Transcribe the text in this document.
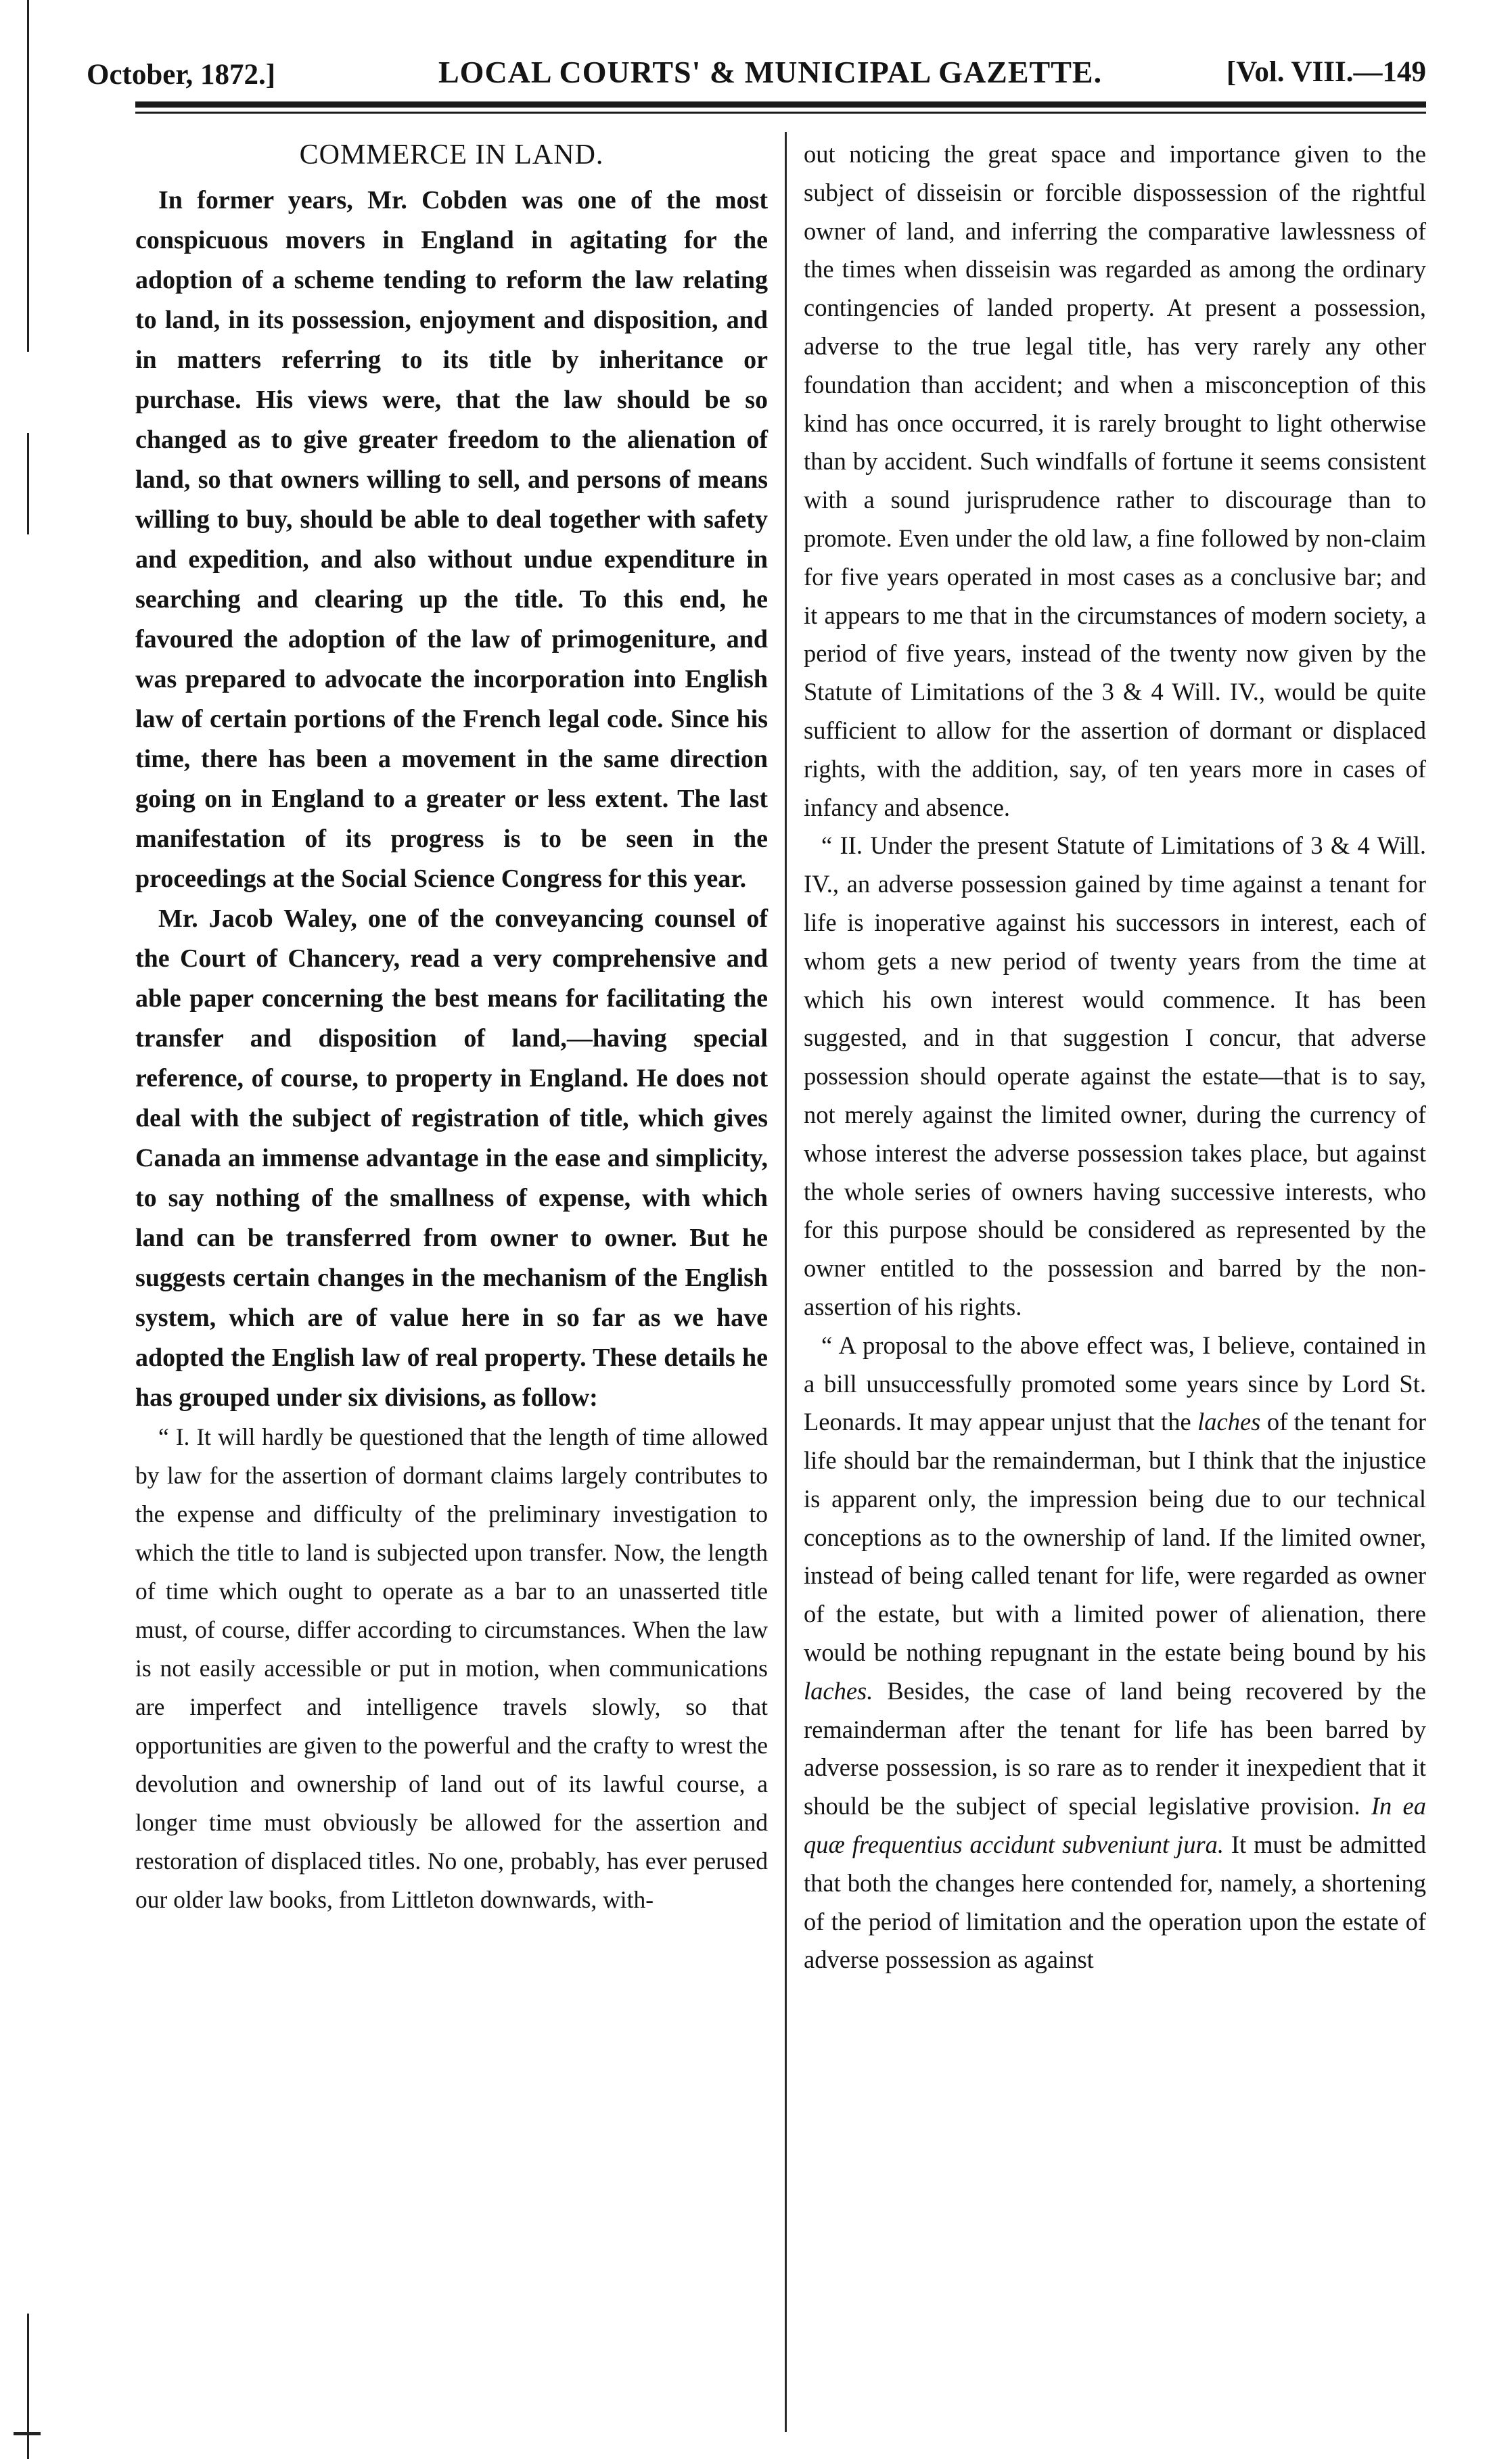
October, 1872.]	LOCAL COURTS' & MUNICIPAL GAZETTE.	[Vol. VIII.—149
COMMERCE IN LAND.

In former years, Mr. Cobden was one of the most conspicuous movers in England in agitating for the adoption of a scheme tending to reform the law relating to land, in its possession, enjoyment and disposition, and in matters referring to its title by inheritance or purchase. His views were, that the law should be so changed as to give greater freedom to the alienation of land, so that owners willing to sell, and persons of means willing to buy, should be able to deal together with safety and expedition, and also without undue expenditure in searching and clearing up the title. To this end, he favoured the adoption of the law of primogeniture, and was prepared to advocate the incorporation into English law of certain portions of the French legal code. Since his time, there has been a movement in the same direction going on in England to a greater or less extent. The last manifestation of its progress is to be seen in the proceedings at the Social Science Congress for this year.

Mr. Jacob Waley, one of the conveyancing counsel of the Court of Chancery, read a very comprehensive and able paper concerning the best means for facilitating the transfer and disposition of land,—having special reference, of course, to property in England. He does not deal with the subject of registration of title, which gives Canada an immense advantage in the ease and simplicity, to say nothing of the smallness of expense, with which land can be transferred from owner to owner. But he suggests certain changes in the mechanism of the English system, which are of value here in so far as we have adopted the English law of real property. These details he has grouped under six divisions, as follow:

“ I. It will hardly be questioned that the length of time allowed by law for the assertion of dormant claims largely contributes to the expense and difficulty of the preliminary investigation to which the title to land is subjected upon transfer. Now, the length of time which ought to operate as a bar to an unasserted title must, of course, differ according to circumstances. When the law is not easily accessible or put in motion, when communications are imperfect and intelligence travels slowly, so that opportunities are given to the powerful and the crafty to wrest the devolution and ownership of land out of its lawful course, a longer time must obviously be allowed for the assertion and restoration of displaced titles. No one, probably, has ever perused our older law books, from Littleton downwards, with-

out noticing the great space and importance given to the subject of disseisin or forcible dispossession of the rightful owner of land, and inferring the comparative lawlessness of the times when disseisin was regarded as among the ordinary contingencies of landed property. At present a possession, adverse to the true legal title, has very rarely any other foundation than accident; and when a misconception of this kind has once occurred, it is rarely brought to light otherwise than by accident. Such windfalls of fortune it seems consistent with a sound jurisprudence rather to discourage than to promote. Even under the old law, a fine followed by non-claim for five years operated in most cases as a conclusive bar; and it appears to me that in the circumstances of modern society, a period of five years, instead of the twenty now given by the Statute of Limitations of the 3 & 4 Will. IV., would be quite sufficient to allow for the assertion of dormant or displaced rights, with the addition, say, of ten years more in cases of infancy and absence.

“ II. Under the present Statute of Limitations of 3 & 4 Will. IV., an adverse possession gained by time against a tenant for life is inoperative against his successors in interest, each of whom gets a new period of twenty years from the time at which his own interest would commence. It has been suggested, and in that suggestion I concur, that adverse possession should operate against the estate—that is to say, not merely against the limited owner, during the currency of whose interest the adverse possession takes place, but against the whole series of owners having successive interests, who for this purpose should be considered as represented by the owner entitled to the possession and barred by the non-assertion of his rights.

“ A proposal to the above effect was, I believe, contained in a bill unsuccessfully promoted some years since by Lord St. Leonards. It may appear unjust that the laches of the tenant for life should bar the remainderman, but I think that the injustice is apparent only, the impression being due to our technical conceptions as to the ownership of land. If the limited owner, instead of being called tenant for life, were regarded as owner of the estate, but with a limited power of alienation, there would be nothing repugnant in the estate being bound by his laches. Besides, the case of land being recovered by the remainderman after the tenant for life has been barred by adverse possession, is so rare as to render it inexpedient that it should be the subject of special legislative provision. In ea quæ frequentius accidunt subveniunt jura. It must be admitted that both the changes here contended for, namely, a shortening of the period of limitation and the operation upon the estate of adverse possession as against
